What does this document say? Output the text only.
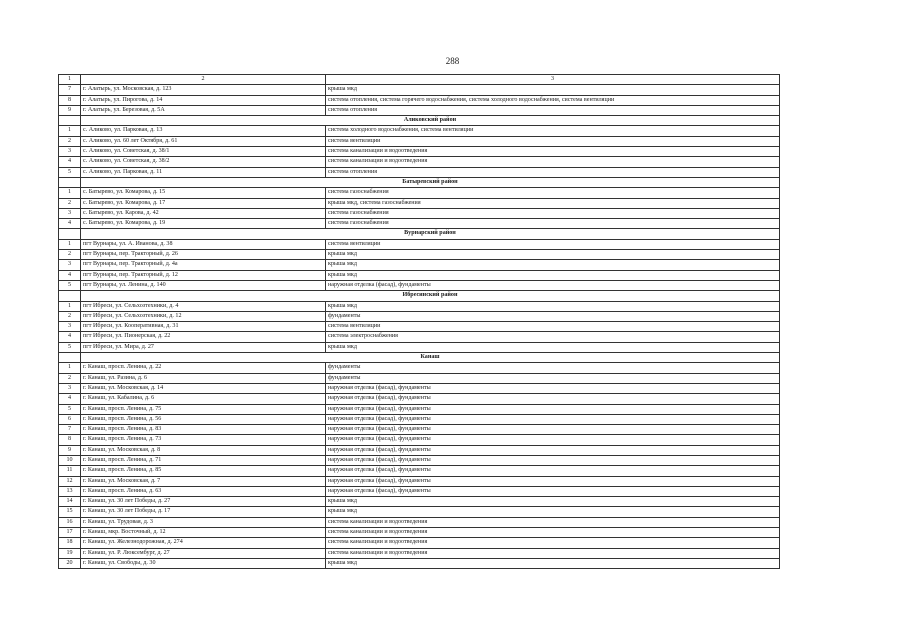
288
1	2	3
7	г. Алатырь, ул. Московская, д. 123	крыша мкд
8	г. Алатырь, ул. Пирогова, д. 14	система отопления, система горячего водоснабжения, система холодного водоснабжения, система вентиляции
9	г. Алатырь, ул. Березовая, д. 5А	система отопления
	Аликовский район	
1	с. Аликово, ул. Парковая, д. 13	система холодного водоснабжения, система вентиляции
2	с. Аликово, ул. 60 лет Октября, д. 61	система вентиляции
3	с. Аликово, ул. Советская, д. 38/1	система канализации и водоотведения
4	с. Аликово, ул. Советская, д. 38/2	система канализации и водоотведения
5	с. Аликово, ул. Парковая, д. 11	система отопления
	Батыревский район	
1	с. Батырево, ул. Комарова, д. 15	система газоснабжения
2	с. Батырево, ул. Комарова, д. 17	крыша мкд, система газоснабжения
3	с. Батырево, ул. Карова, д. 42	система газоснабжения
4	с. Батырево, ул. Комарова, д. 19	система газоснабжения
	Вурнарский район	
1	пгт Вурнары, ул. А. Иванова, д. 38	система вентиляции
2	пгт Вурнары, пер. Тракторный, д. 26	крыша мкд
3	пгт Вурнары, пер. Тракторный, д. 4а	крыша мкд
4	пгт Вурнары, пер. Тракторный, д. 12	крыша мкд
5	пгт Вурнары, ул. Ленина, д. 140	наружная отделка (фасад), фундаменты
	Ибресинский район	
1	пгт Ибреси, ул. Сельхозтехники, д. 4	крыша мкд
2	пгт Ибреси, ул. Сельхозтехники, д. 12	фундаменты
3	пгт Ибреси, ул. Кооперативная, д. 31	система вентиляции
4	пгт Ибреси, ул. Пионерская, д. 22	система электроснабжения
5	пгт Ибреси, ул. Мира, д. 27	крыша мкд
	Канаш	
1	г. Канаш, просп. Ленина, д. 22	фундаменты
2	г. Канаш, ул. Разина, д. 6	фундаменты
3	г. Канаш, ул. Московская, д. 14	наружная отделка (фасад), фундаменты
4	г. Канаш, ул. Кабалина, д. 6	наружная отделка (фасад), фундаменты
5	г. Канаш, просп. Ленина, д. 75	наружная отделка (фасад), фундаменты
6	г. Канаш, просп. Ленина, д. 56	наружная отделка (фасад), фундаменты
7	г. Канаш, просп. Ленина, д. 83	наружная отделка (фасад), фундаменты
8	г. Канаш, просп. Ленина, д. 73	наружная отделка (фасад), фундаменты
9	г. Канаш, ул. Московская, д. 8	наружная отделка (фасад), фундаменты
10	г. Канаш, просп. Ленина, д. 71	наружная отделка (фасад), фундаменты
11	г. Канаш, просп. Ленина, д. 85	наружная отделка (фасад), фундаменты
12	г. Канаш, ул. Московская, д. 7	наружная отделка (фасад), фундаменты
13	г. Канаш, просп. Ленина, д. 63	наружная отделка (фасад), фундаменты
14	г. Канаш, ул. 30 лет Победы, д. 27	крыша мкд
15	г. Канаш, ул. 30 лет Победы, д. 17	крыша мкд
16	г. Канаш, ул. Трудовая, д. 3	система канализации и водоотведения
17	г. Канаш, мкр. Восточный, д. 12	система канализации и водоотведения
18	г. Канаш, ул. Железнодорожная, д. 274	система канализации и водоотведения
19	г. Канаш, ул. Р. Люксембург, д. 27	система канализации и водоотведения
20	г. Канаш, ул. Свободы, д. 30	крыша мкд
